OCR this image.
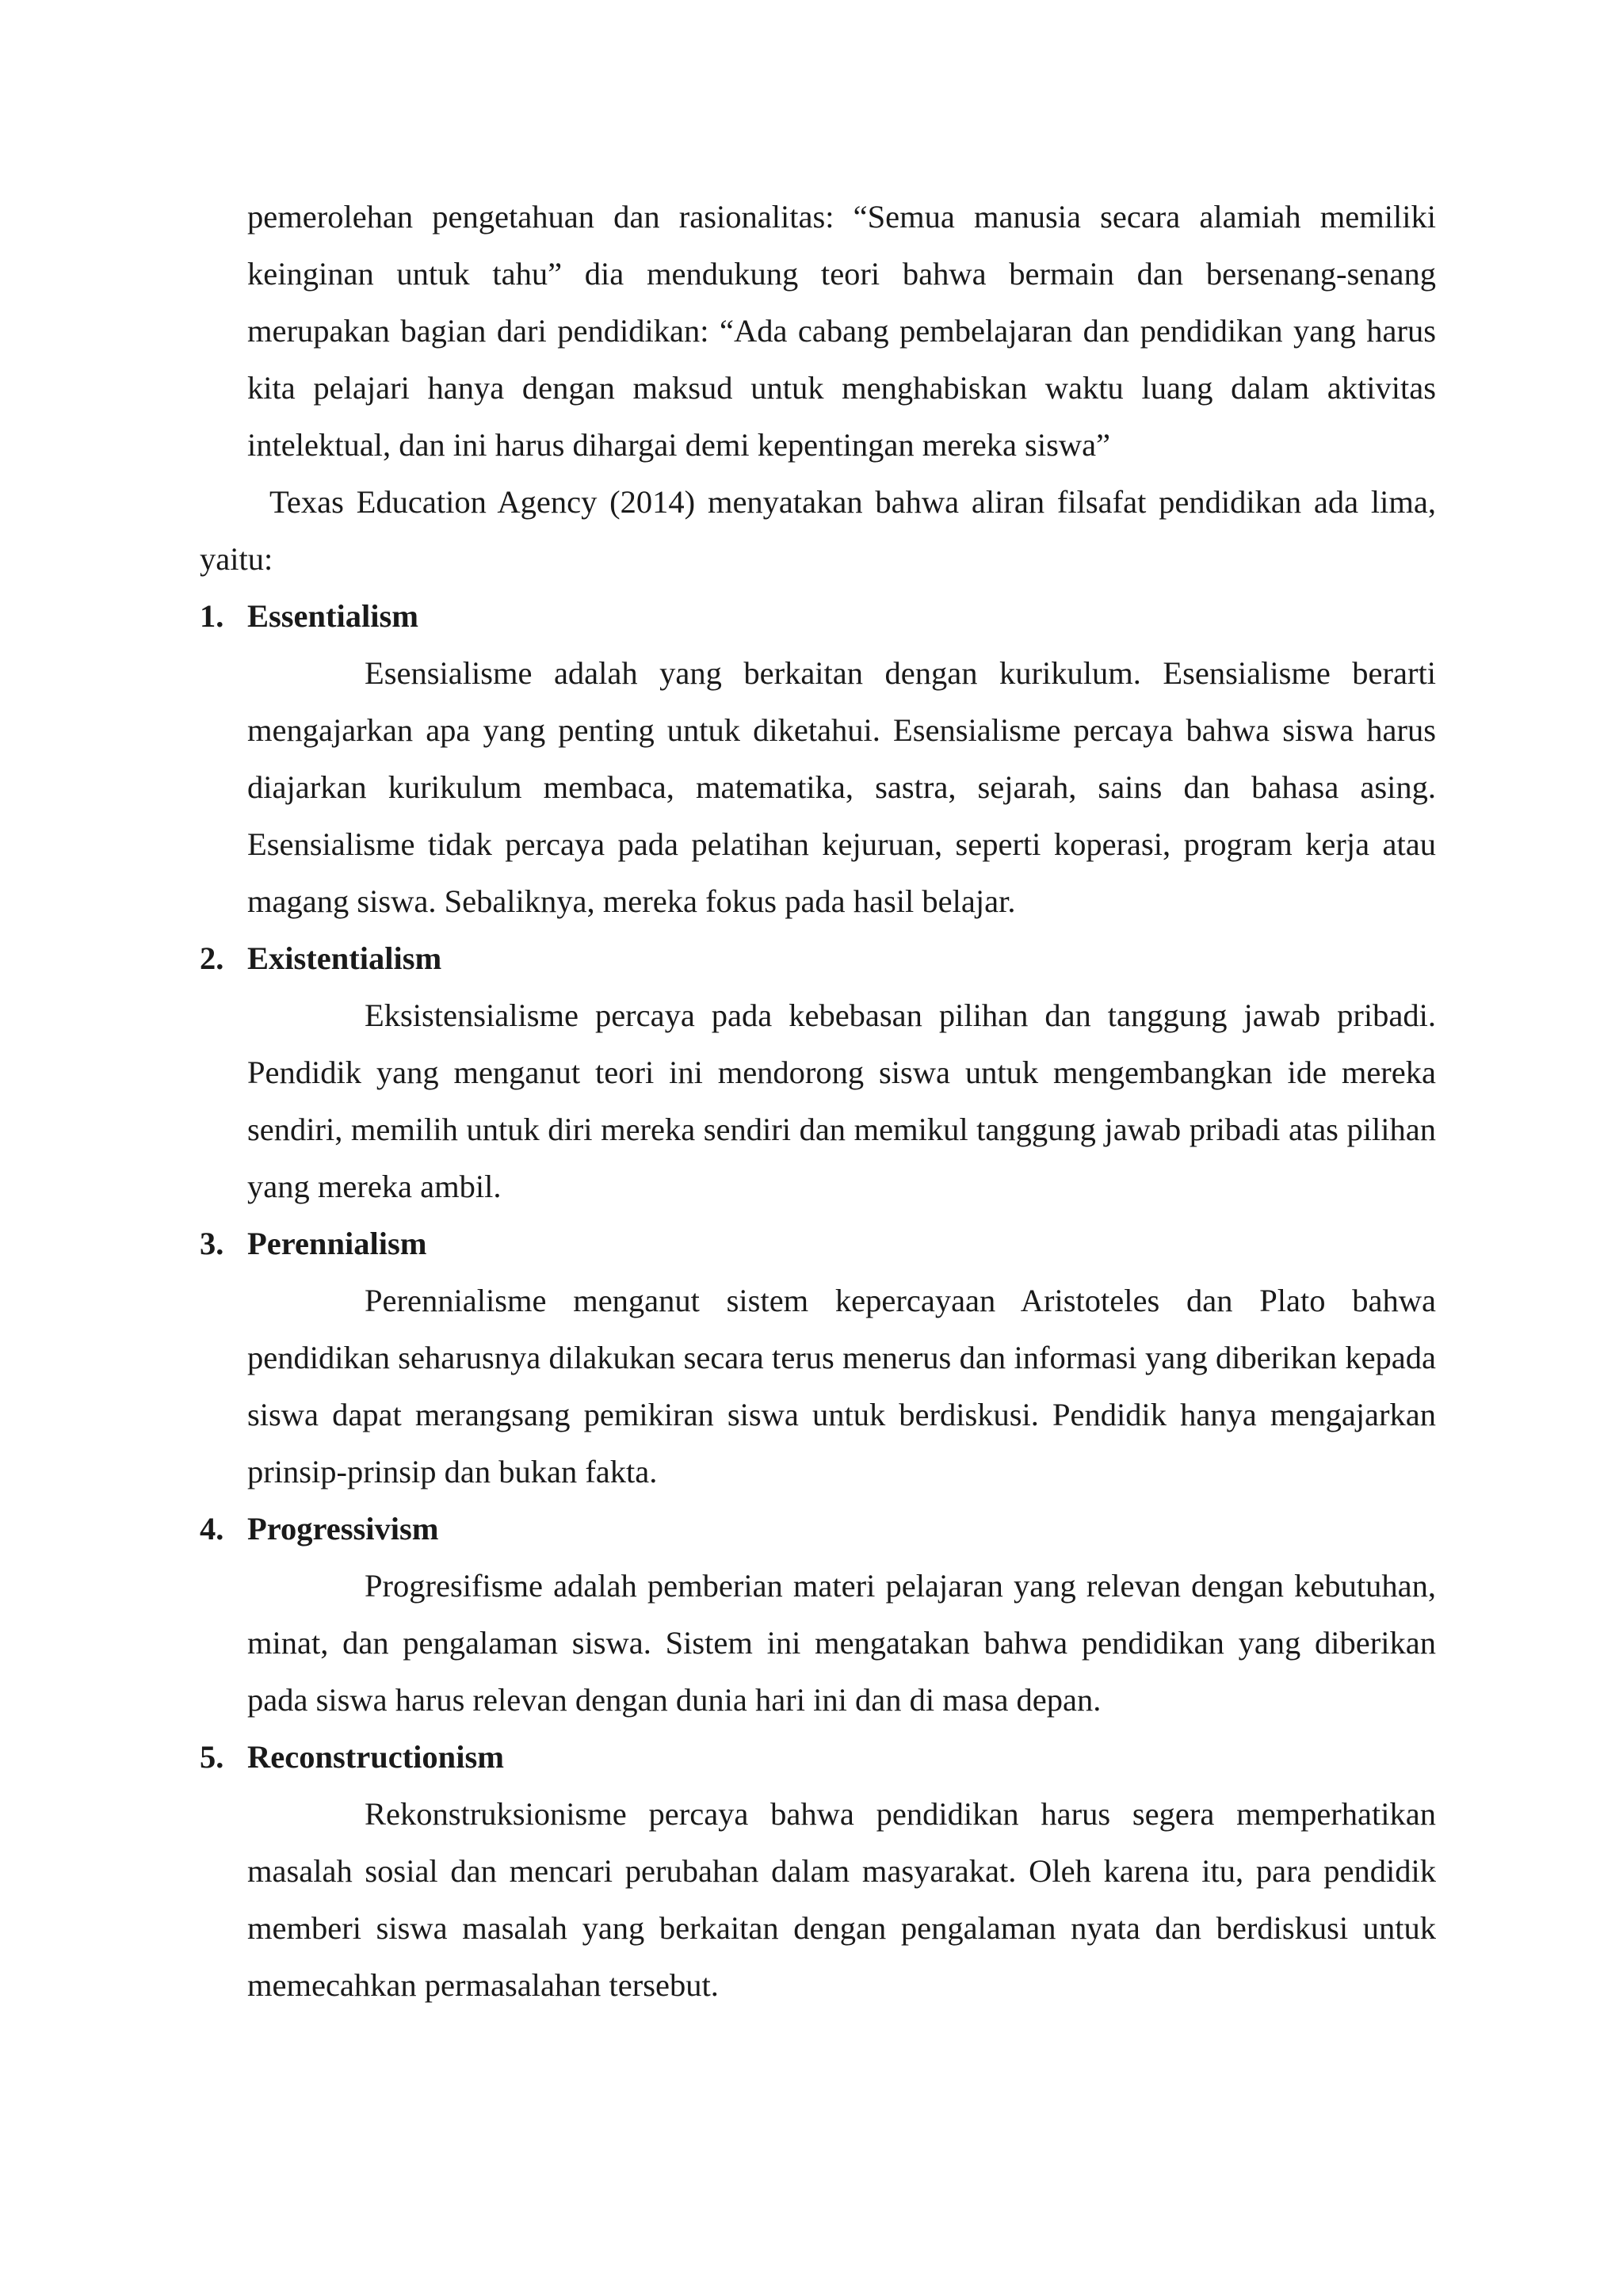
pemerolehan pengetahuan dan rasionalitas: “Semua manusia secara alamiah memiliki keinginan untuk tahu” dia mendukung teori bahwa bermain dan bersenang-senang merupakan bagian dari pendidikan: “Ada cabang pembelajaran dan pendidikan yang harus kita pelajari hanya dengan maksud untuk menghabiskan waktu luang dalam aktivitas intelektual, dan ini harus dihargai demi kepentingan mereka siswa”

Texas Education Agency (2014) menyatakan bahwa aliran filsafat pendidikan ada lima, yaitu:

1. Essentialism

Esensialisme adalah yang berkaitan dengan kurikulum. Esensialisme berarti mengajarkan apa yang penting untuk diketahui. Esensialisme percaya bahwa siswa harus diajarkan kurikulum membaca, matematika, sastra, sejarah, sains dan bahasa asing. Esensialisme tidak percaya pada pelatihan kejuruan, seperti koperasi, program kerja atau magang siswa. Sebaliknya, mereka fokus pada hasil belajar.

2. Existentialism

Eksistensialisme percaya pada kebebasan pilihan dan tanggung jawab pribadi. Pendidik yang menganut teori ini mendorong siswa untuk mengembangkan ide mereka sendiri, memilih untuk diri mereka sendiri dan memikul tanggung jawab pribadi atas pilihan yang mereka ambil.

3. Perennialism

Perennialisme menganut sistem kepercayaan Aristoteles dan Plato bahwa pendidikan seharusnya dilakukan secara terus menerus dan informasi yang diberikan kepada siswa dapat merangsang pemikiran siswa untuk berdiskusi. Pendidik hanya mengajarkan prinsip-prinsip dan bukan fakta.

4. Progressivism

Progresifisme adalah pemberian materi pelajaran yang relevan dengan kebutuhan, minat, dan pengalaman siswa. Sistem ini mengatakan bahwa pendidikan yang diberikan pada siswa harus relevan dengan dunia hari ini dan di masa depan.

5. Reconstructionism

Rekonstruksionisme percaya bahwa pendidikan harus segera memperhatikan masalah sosial dan mencari perubahan dalam masyarakat. Oleh karena itu, para pendidik memberi siswa masalah yang berkaitan dengan pengalaman nyata dan berdiskusi untuk memecahkan permasalahan tersebut.
